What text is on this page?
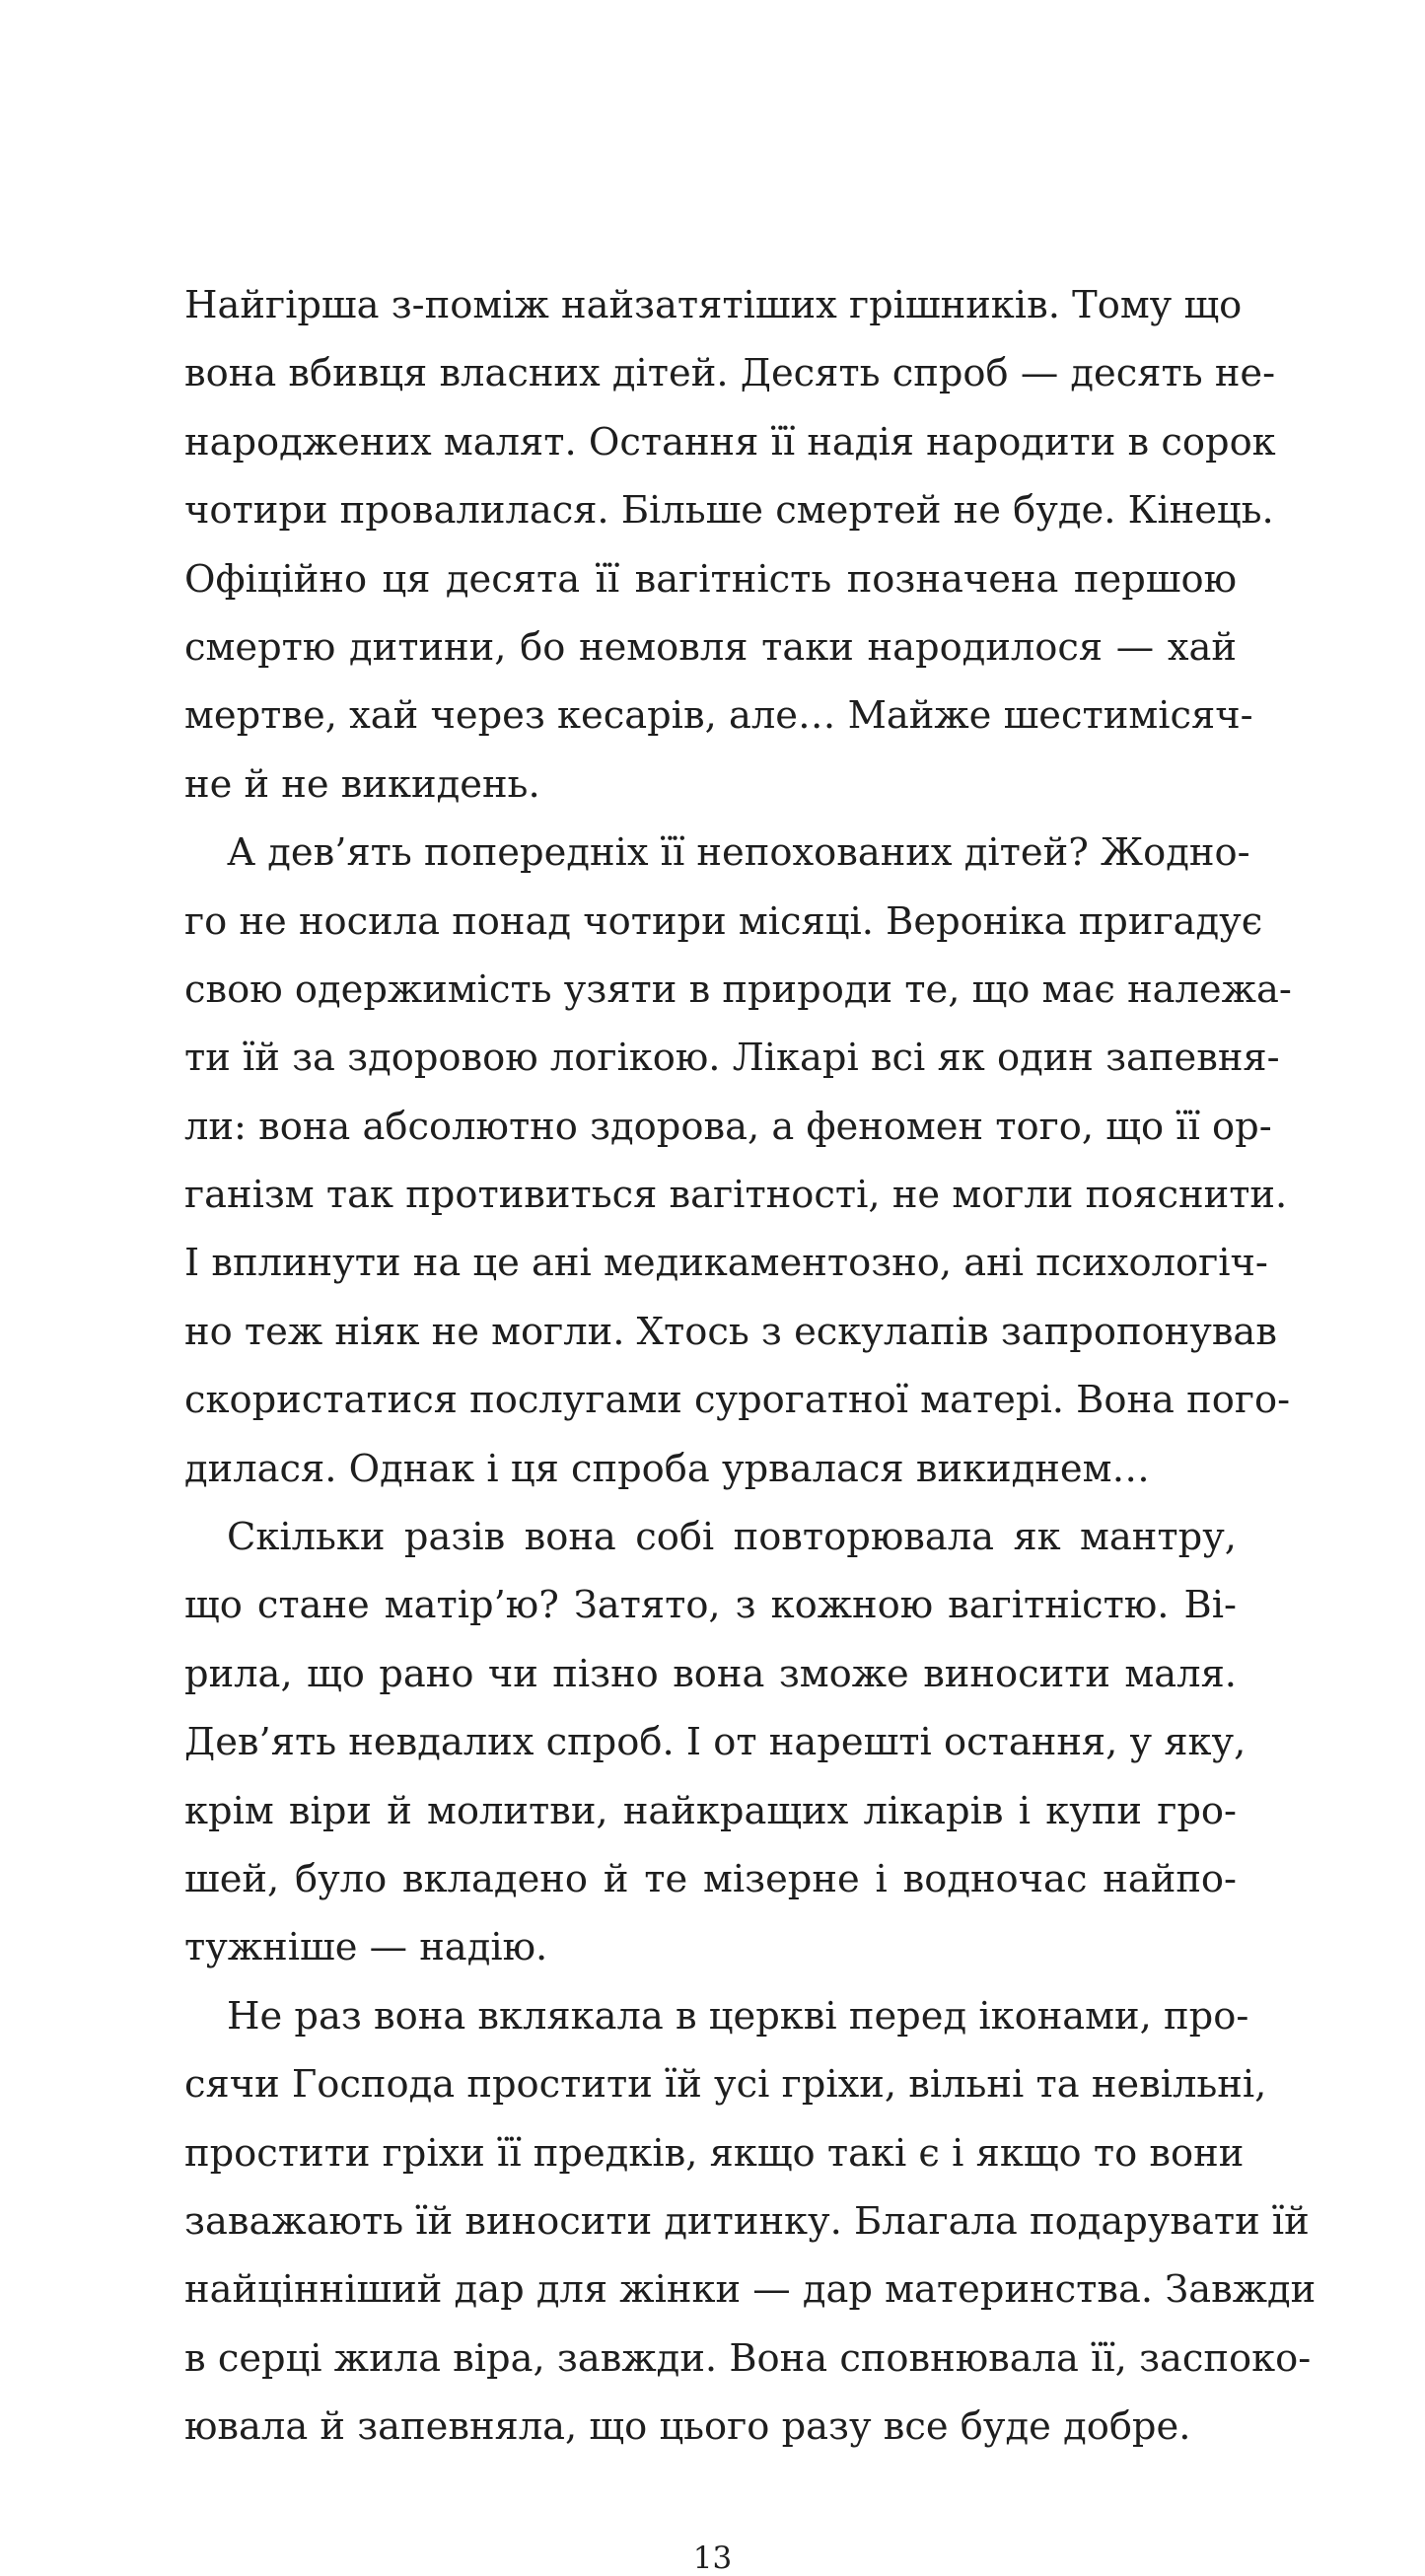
Найгірша з-поміж найзатятіших грішників. Тому що
вона вбивця власних дітей. Десять спроб — десять не-
народжених малят. Остання її надія народити в сорок
чотири провалилася. Більше смертей не буде. Кінець.
Офіційно ця десята її вагітність позначена першою
смертю дитини, бо немовля таки народилося — хай
мертве, хай через кесарів, але… Майже шестимісяч-
не й не викидень.
А дев’ять попередніх її непохованих дітей? Жодно-
го не носила понад чотири місяці. Вероніка пригадує
свою одержимість узяти в природи те, що має належа-
ти їй за здоровою логікою. Лікарі всі як один запевня-
ли: вона абсолютно здорова, а феномен того, що її ор-
ганізм так противиться вагітності, не могли пояснити.
І вплинути на це ані медикаментозно, ані психологіч-
но теж ніяк не могли. Хтось з ескулапів запропонував
скористатися послугами сурогатної матері. Вона пого-
дилася. Однак і ця спроба урвалася викиднем…
Скільки разів вона собі повторювала як мантру,
що стане матір’ю? Затято, з кожною вагітністю. Ві-
рила, що рано чи пізно вона зможе виносити маля.
Дев’ять невдалих спроб. І от нарешті остання, у яку,
крім віри й молитви, найкращих лікарів і купи гро-
шей, було вкладено й те мізерне і водночас найпо-
тужніше — надію.
Не раз вона вклякала в церкві перед іконами, про-
сячи Господа простити їй усі гріхи, вільні та невільні,
простити гріхи її предків, якщо такі є і якщо то вони
заважають їй виносити дитинку. Благала подарувати їй
найцінніший дар для жінки — дар материнства. Завжди
в серці жила віра, завжди. Вона сповнювала її, заспоко-
ювала й запевняла, що цього разу все буде добре.
13
